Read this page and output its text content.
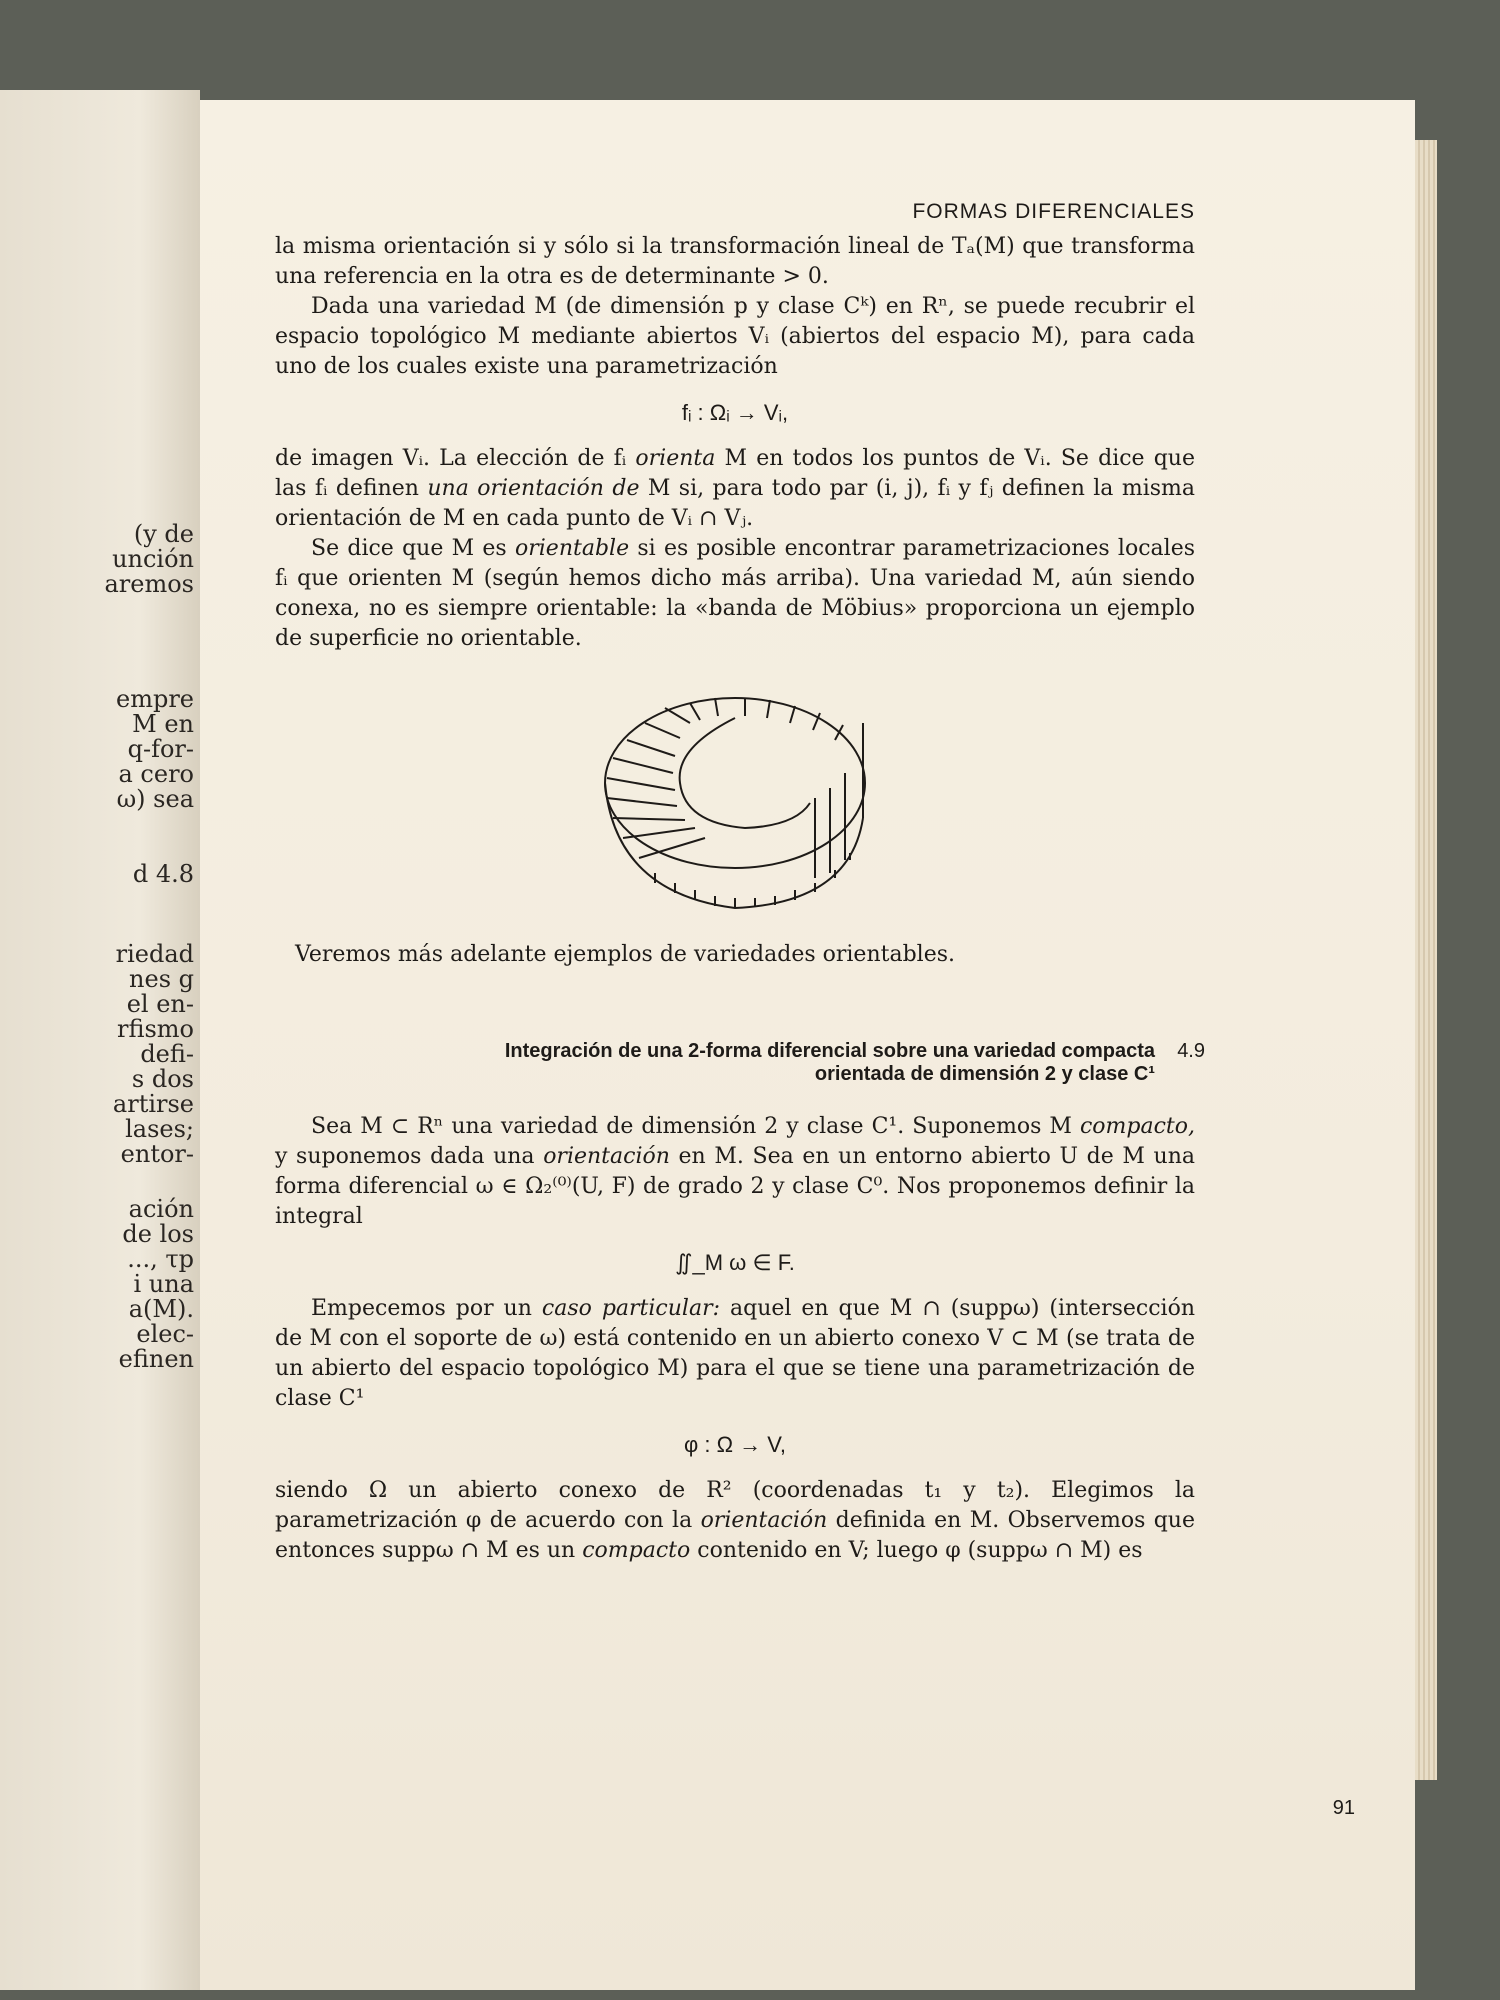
(y de
unción
aremos
empre
M en
q-for-
a cero
ω) sea
d 4.8
riedad
nes g
el en-
rfismo
defi-
s dos
artirse
lases;
entor-
ación
de los
..., τp
i una
a(M).
elec-
efinen
FORMAS DIFERENCIALES

la misma orientación si y sólo si la transformación lineal de Tₐ(M) que transforma una referencia en la otra es de determinante > 0.

Dada una variedad M (de dimensión p y clase Cᵏ) en Rⁿ, se puede recubrir el espacio topológico M mediante abiertos Vᵢ (abiertos del espacio M), para cada uno de los cuales existe una parametrización

fᵢ : Ωᵢ → Vᵢ,

de imagen Vᵢ. La elección de fᵢ orienta M en todos los puntos de Vᵢ. Se dice que las fᵢ definen una orientación de M si, para todo par (i, j), fᵢ y fⱼ definen la misma orientación de M en cada punto de Vᵢ ∩ Vⱼ.

Se dice que M es orientable si es posible encontrar parametrizaciones locales fᵢ que orienten M (según hemos dicho más arriba). Una variedad M, aún siendo conexa, no es siempre orientable: la «banda de Möbius» proporciona un ejemplo de superficie no orientable.

Veremos más adelante ejemplos de variedades orientables.

Integración de una 2-forma diferencial sobre una variedad compacta
orientada de dimensión 2 y clase C¹
4.9

Sea M ⊂ Rⁿ una variedad de dimensión 2 y clase C¹. Suponemos M compacto, y suponemos dada una orientación en M. Sea en un entorno abierto U de M una forma diferencial ω ∈ Ω₂⁽⁰⁾(U, F) de grado 2 y clase C⁰. Nos proponemos definir la integral

∬_M ω ∈ F.

Empecemos por un caso particular: aquel en que M ∩ (suppω) (intersección de M con el soporte de ω) está contenido en un abierto conexo V ⊂ M (se trata de un abierto del espacio topológico M) para el que se tiene una parametrización de clase C¹

φ : Ω → V,

siendo Ω un abierto conexo de R² (coordenadas t₁ y t₂). Elegimos la parametrización φ de acuerdo con la orientación definida en M. Observemos que entonces suppω ∩ M es un compacto contenido en V; luego φ (suppω ∩ M) es

91
